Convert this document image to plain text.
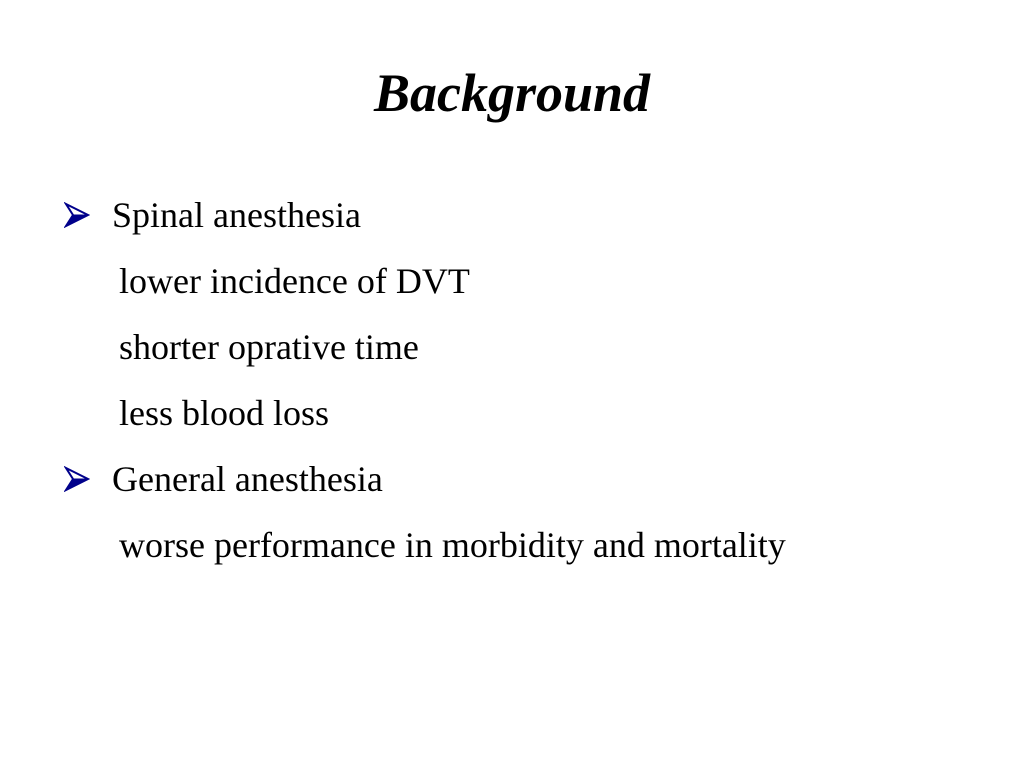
Background
Spinal anesthesia
lower incidence of DVT
shorter oprative time
less blood loss
General anesthesia
worse performance in morbidity and mortality
